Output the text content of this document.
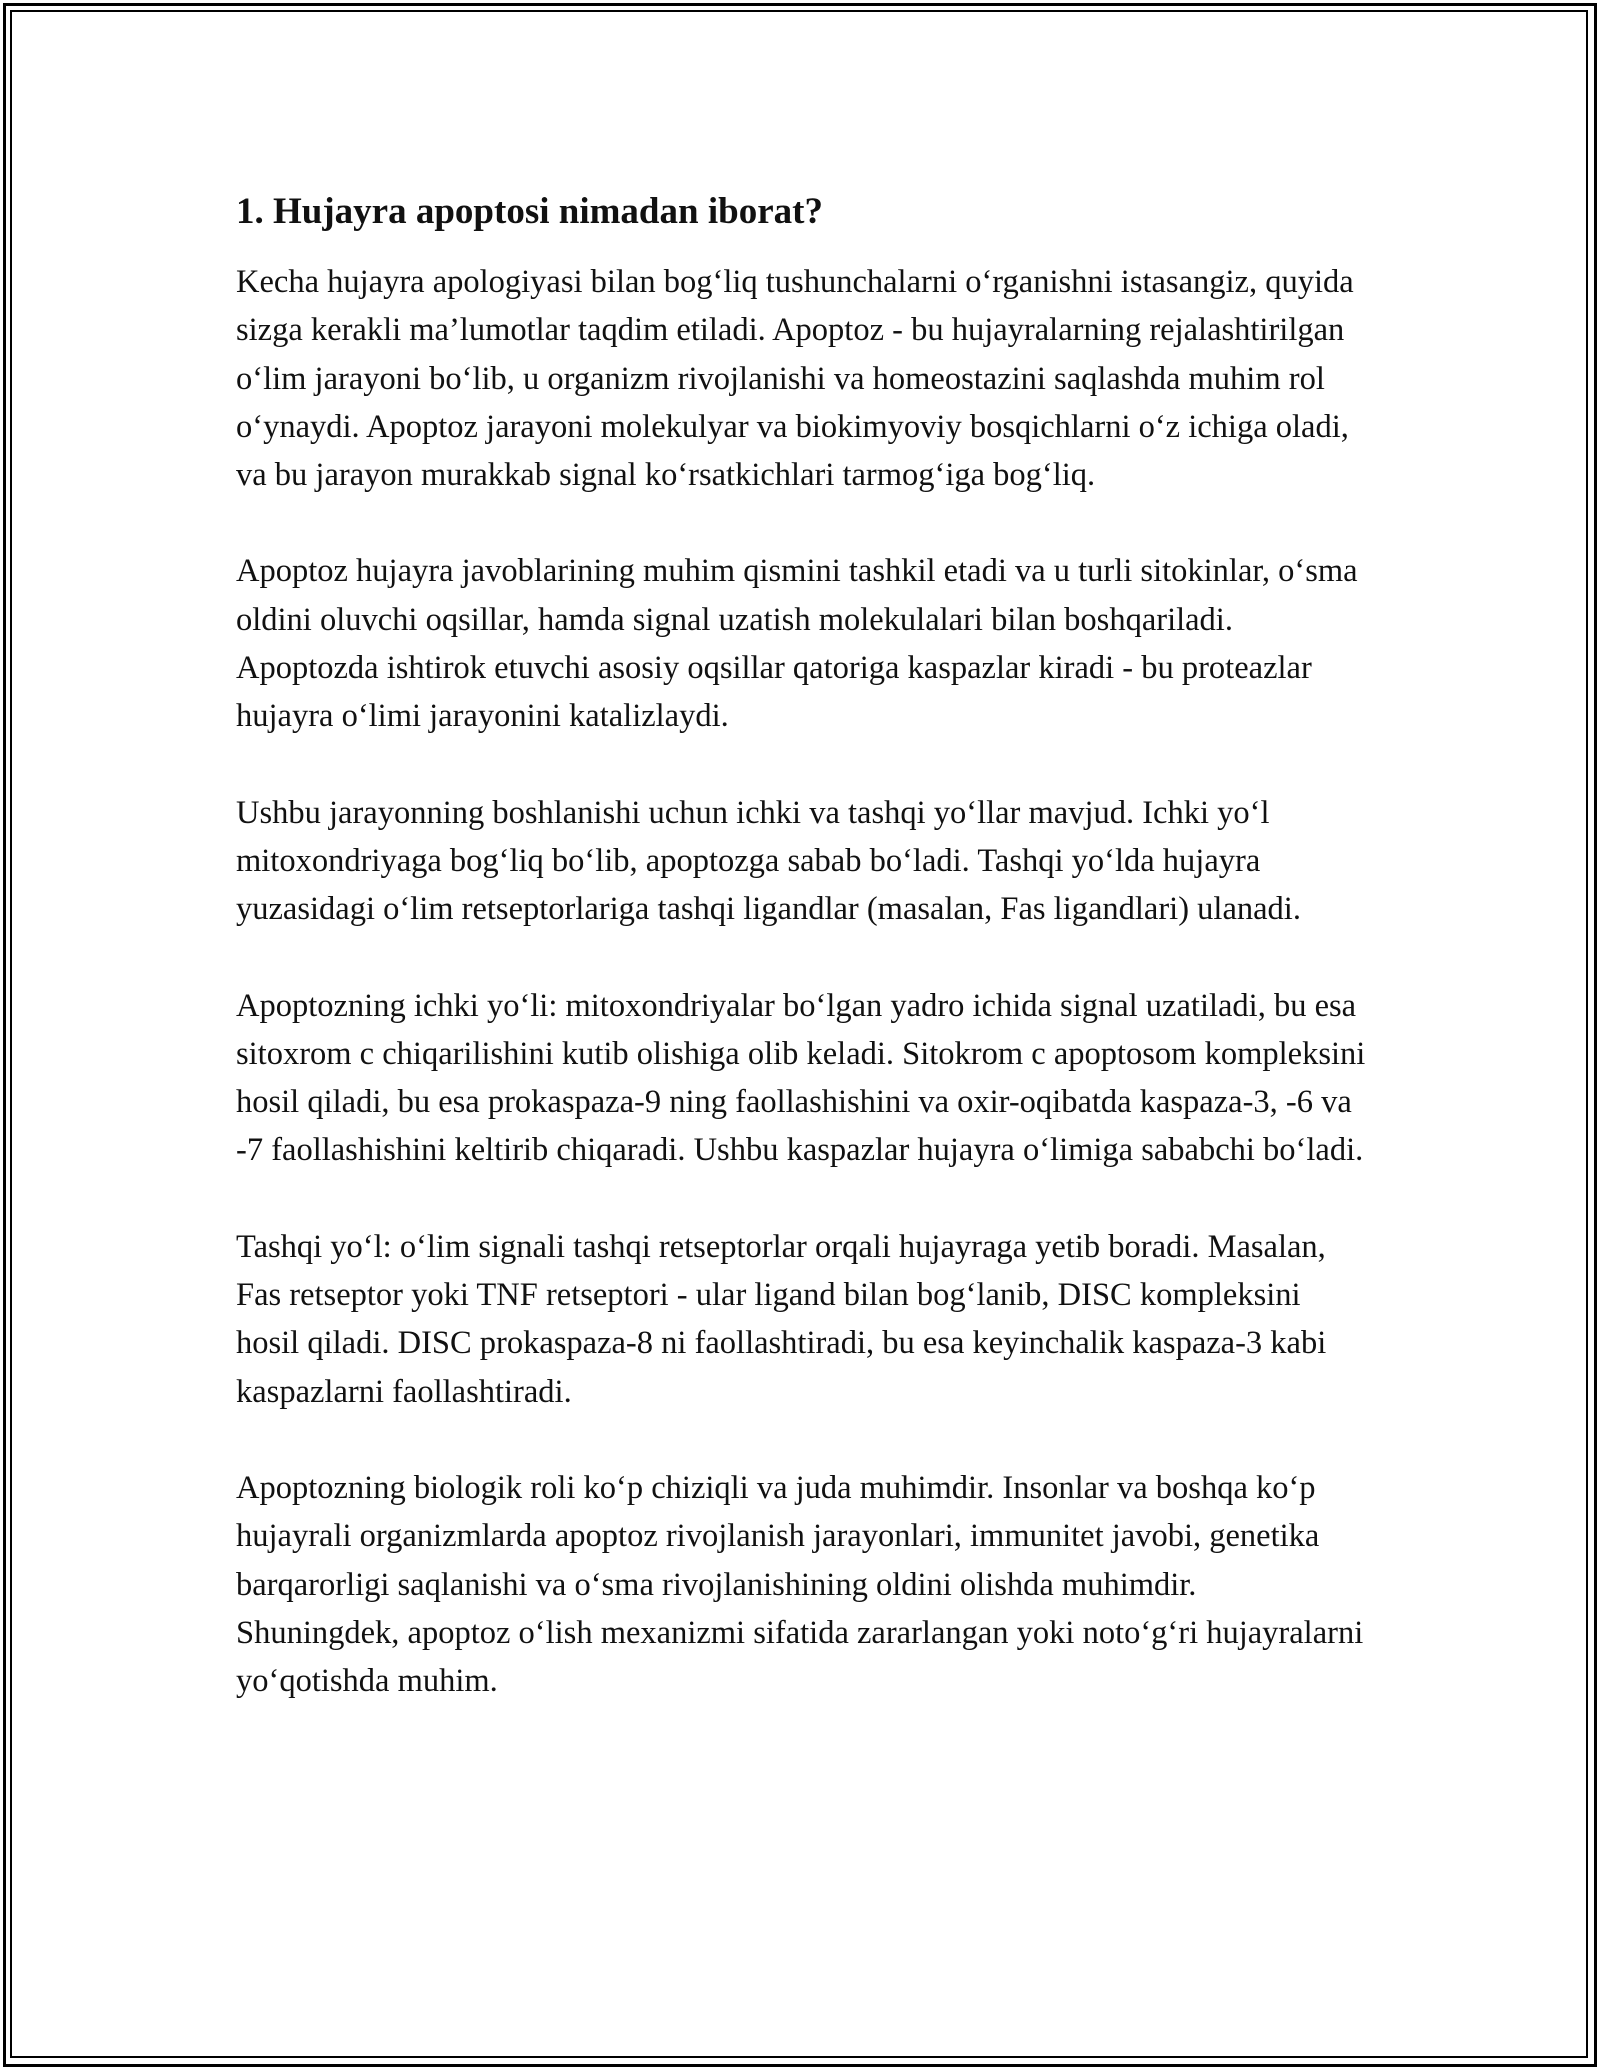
1. Hujayra apoptosi nimadan iborat?

Kecha hujayra apologiyasi bilan bog‘liq tushunchalarni o‘rganishni istasangiz, quyida sizga kerakli ma’lumotlar taqdim etiladi. Apoptoz - bu hujayralarning rejalashtirilgan o‘lim jarayoni bo‘lib, u organizm rivojlanishi va homeostazini saqlashda muhim rol o‘ynaydi. Apoptoz jarayoni molekulyar va biokimyoviy bosqichlarni o‘z ichiga oladi, va bu jarayon murakkab signal ko‘rsatkichlari tarmog‘iga bog‘liq.

Apoptoz hujayra javoblarining muhim qismini tashkil etadi va u turli sitokinlar, o‘sma oldini oluvchi oqsillar, hamda signal uzatish molekulalari bilan boshqariladi. Apoptozda ishtirok etuvchi asosiy oqsillar qatoriga kaspazlar kiradi - bu proteazlar hujayra o‘limi jarayonini katalizlaydi.

Ushbu jarayonning boshlanishi uchun ichki va tashqi yo‘llar mavjud. Ichki yo‘l mitoxondriyaga bog‘liq bo‘lib, apoptozga sabab bo‘ladi. Tashqi yo‘lda hujayra yuzasidagi o‘lim retseptorlariga tashqi ligandlar (masalan, Fas ligandlari) ulanadi.

Apoptozning ichki yo‘li: mitoxondriyalar bo‘lgan yadro ichida signal uzatiladi, bu esa sitoxrom c chiqarilishini kutib olishiga olib keladi. Sitokrom c apoptosom kompleksini hosil qiladi, bu esa prokaspaza-9 ning faollashishini va oxir-oqibatda kaspaza-3, -6 va -7 faollashishini keltirib chiqaradi. Ushbu kaspazlar hujayra o‘limiga sababchi bo‘ladi.

Tashqi yo‘l: o‘lim signali tashqi retseptorlar orqali hujayraga yetib boradi. Masalan, Fas retseptor yoki TNF retseptori - ular ligand bilan bog‘lanib, DISC kompleksini hosil qiladi. DISC prokaspaza-8 ni faollashtiradi, bu esa keyinchalik kaspaza-3 kabi kaspazlarni faollashtiradi.

Apoptozning biologik roli ko‘p chiziqli va juda muhimdir. Insonlar va boshqa ko‘p hujayrali organizmlarda apoptoz rivojlanish jarayonlari, immunitet javobi, genetika barqarorligi saqlanishi va o‘sma rivojlanishining oldini olishda muhimdir. Shuningdek, apoptoz o‘lish mexanizmi sifatida zararlangan yoki noto‘g‘ri hujayralarni yo‘qotishda muhim.
